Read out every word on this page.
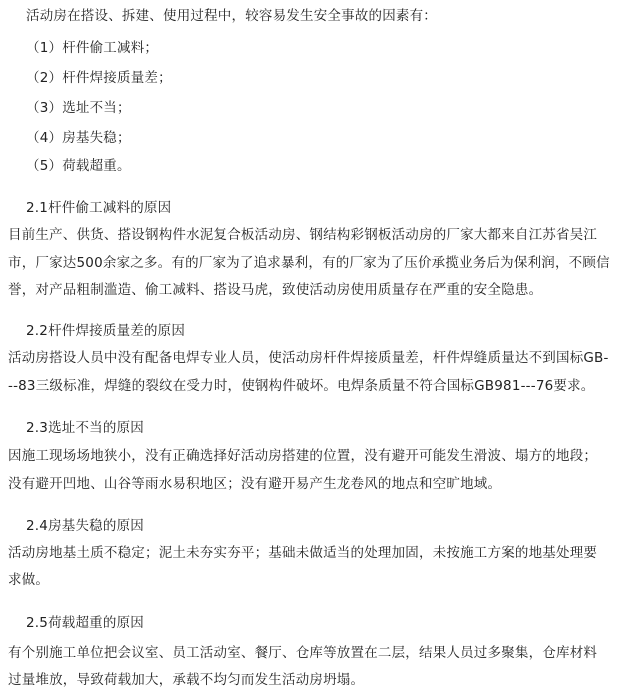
活动房在搭设、拆建、使用过程中，较容易发生安全事故的因素有：
（1）杆件偷工减料；
（2）杆件焊接质量差；
（3）选址不当；
（4）房基失稳；
（5）荷载超重。
2.1杆件偷工减料的原因
目前生产、供货、搭设钢构件水泥复合板活动房、钢结构彩钢板活动房的厂家大都来自江苏省吴江
市，厂家达500余家之多。有的厂家为了追求暴利，有的厂家为了压价承揽业务后为保利润，不顾信
誉，对产品粗制滥造、偷工减料、搭设马虎，致使活动房使用质量存在严重的安全隐患。
2.2杆件焊接质量差的原因
活动房搭设人员中没有配备电焊专业人员，使活动房杆件焊接质量差，杆件焊缝质量达不到国标GB-
--83三级标准，焊缝的裂纹在受力时，使钢构件破坏。电焊条质量不符合国标GB981---76要求。
2.3选址不当的原因
因施工现场场地狭小，没有正确选择好活动房搭建的位置，没有避开可能发生滑波、塌方的地段；
没有避开凹地、山谷等雨水易积地区；没有避开易产生龙卷风的地点和空旷地域。
2.4房基失稳的原因
活动房地基土质不稳定；泥土未夯实夯平；基础未做适当的处理加固，未按施工方案的地基处理要
求做。
2.5荷载超重的原因
有个别施工单位把会议室、员工活动室、餐厅、仓库等放置在二层，结果人员过多聚集，仓库材料
过量堆放，导致荷载加大，承载不均匀而发生活动房坍塌。
